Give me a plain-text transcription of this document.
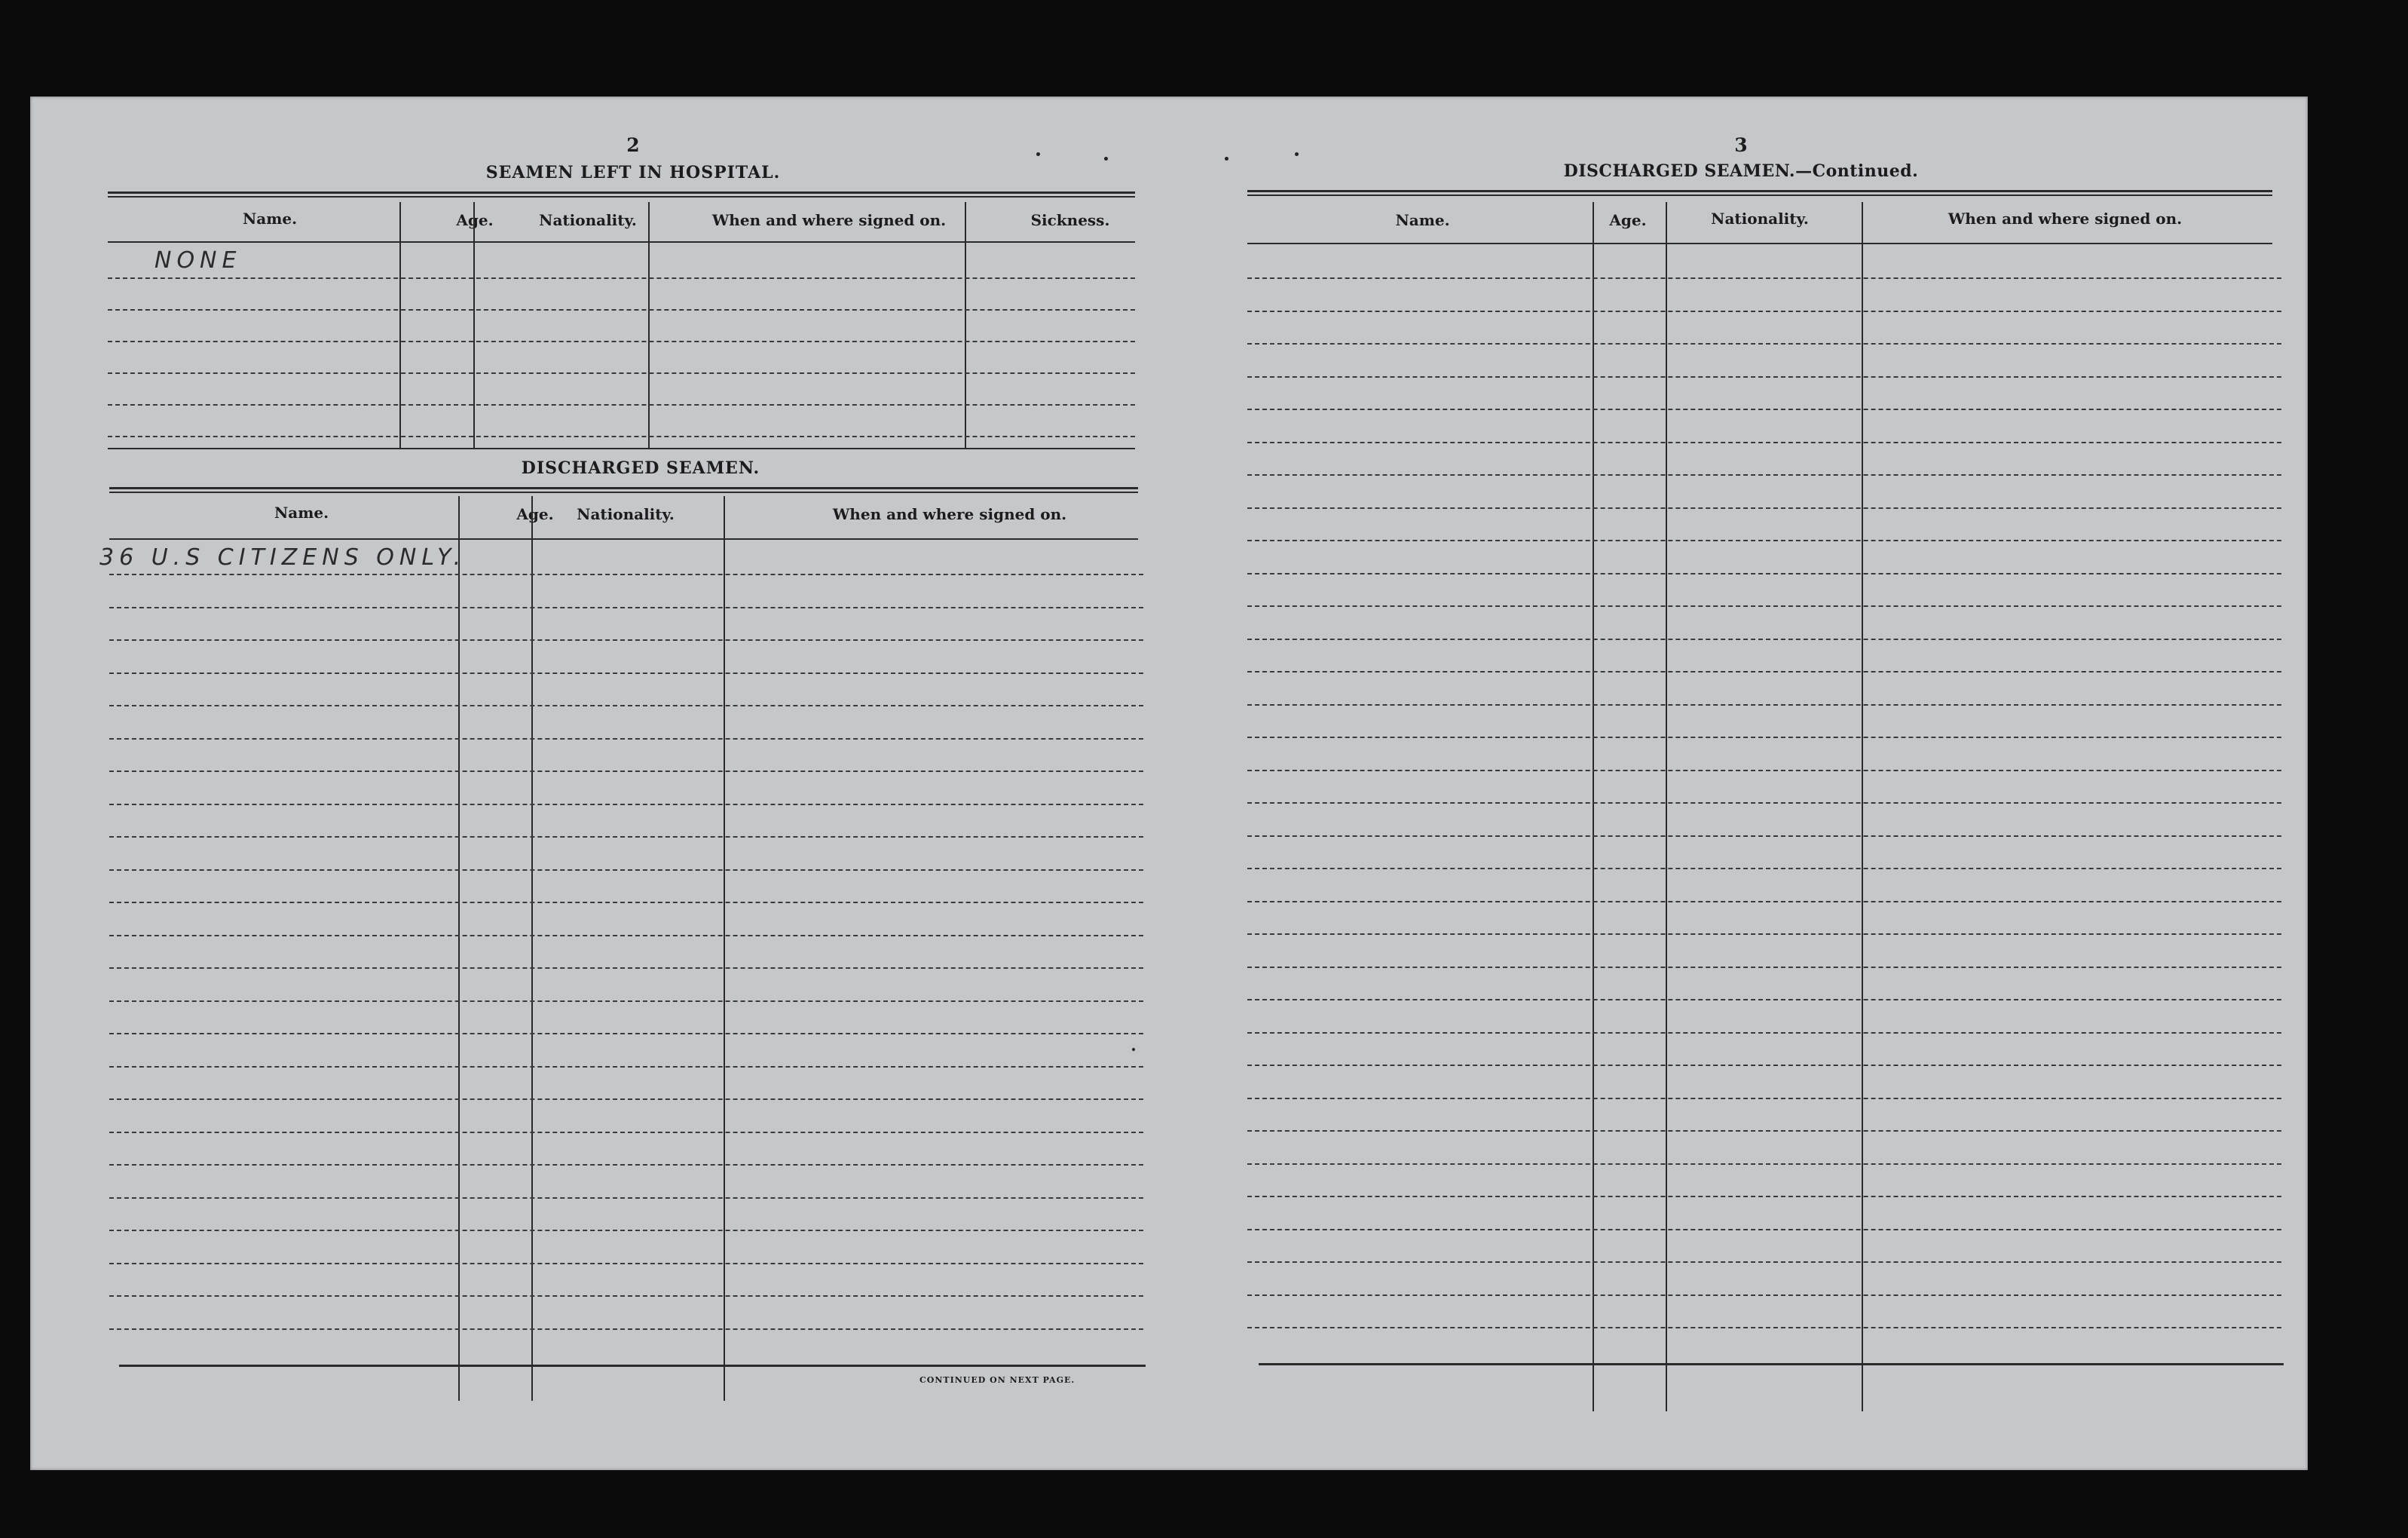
2
SEAMEN LEFT IN HOSPITAL.
Name.	Age.	Nationality.	When and where signed on.	Sickness.
NONE
DISCHARGED SEAMEN.
Name.	Age.	Nationality.	When and where signed on.
36 U.S CITIZENS ONLY.
CONTINUED ON NEXT PAGE.
3
DISCHARGED SEAMEN.—Continued.
Name.	Age.	Nationality.	When and where signed on.
